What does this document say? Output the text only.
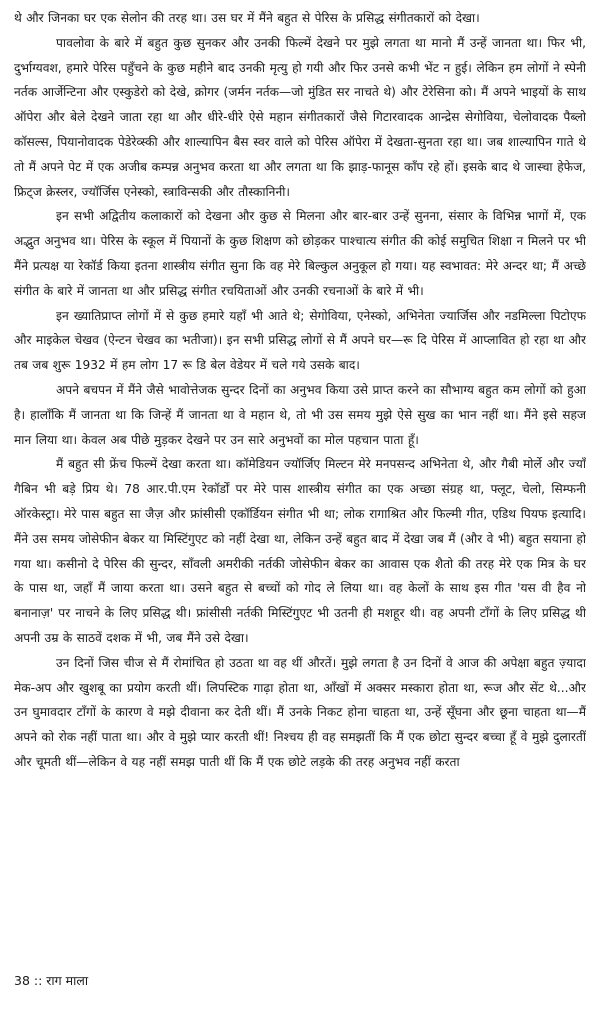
थे और जिनका घर एक सेलोन की तरह था। उस घर में मैंने बहुत से पेरिस के प्रसिद्ध संगीतकारों को देखा।

पावलोवा के बारे में बहुत कुछ सुनकर और उनकी फिल्में देखने पर मुझे लगता था मानो मैं उन्हें जानता था। फिर भी, दुर्भाग्यवश, हमारे पेरिस पहुँचने के कुछ महीने बाद उनकी मृत्यु हो गयी और फिर उनसे कभी भेंट न हुई। लेकिन हम लोगों ने स्पेनी नर्तक आर्जेन्टिना और एस्कुडेरो को देखे, क्रोगर (जर्मन नर्तक—जो मुंडित सर नाचते थे) और टेरेसिना को। मैं अपने भाइयों के साथ ऑपेरा और बेले देखने जाता रहा था और धीरे-धीरे ऐसे महान संगीतकारों जैसे गिटारवादक आन्द्रेस सेगोविया, चेलोवादक पैब्लो कॉसल्स, पियानोवादक पेडेरेव्स्की और शाल्यापिन बैस स्वर वाले को पेरिस ऑपेरा में देखता-सुनता रहा था। जब शाल्यापिन गाते थे तो मैं अपने पेट में एक अजीब कम्पन्न अनुभव करता था और लगता था कि झाड़-फानूस काँप रहे हों। इसके बाद थे जास्चा हेफेज, फ्रिट्ज क्रेस्लर, ज्यॉर्जिस एनेस्को, स्त्राविन्सकी और तौस्कानिनी।

इन सभी अद्वितीय कलाकारों को देखना और कुछ से मिलना और बार-बार उन्हें सुनना, संसार के विभिन्न भागों में, एक अद्भुत अनुभव था। पेरिस के स्कूल में पियानों के कुछ शिक्षण को छोड़कर पाश्चात्य संगीत की कोई समुचित शिक्षा न मिलने पर भी मैंने प्रत्यक्ष या रेकॉर्ड किया इतना शास्त्रीय संगीत सुना कि वह मेरे बिल्कुल अनुकूल हो गया। यह स्वभावत: मेरे अन्दर था; मैं अच्छे संगीत के बारे में जानता था और प्रसिद्ध संगीत रचयिताओं और उनकी रचनाओं के बारे में भी।

इन ख्यातिप्राप्त लोगों में से कुछ हमारे यहाँ भी आते थे; सेगोविया, एनेस्को, अभिनेता ज्यार्जिस और नडमिल्ला पिटोएफ और माइकेल चेखव (ऐन्टन चेखव का भतीजा)। इन सभी प्रसिद्ध लोगों से मैं अपने घर—रू दि पेरिस में आप्लावित हो रहा था और तब जब शुरू 1932 में हम लोग 17 रू डि बेल वेडेयर में चले गये उसके बाद।

अपने बचपन में मैंने जैसे भावोत्तेजक सुन्दर दिनों का अनुभव किया उसे प्राप्त करने का सौभाग्य बहुत कम लोगों को हुआ है। हालाँकि मैं जानता था कि जिन्हें मैं जानता था वे महान थे, तो भी उस समय मुझे ऐसे सुख का भान नहीं था। मैंने इसे सहज मान लिया था। केवल अब पीछे मुड़कर देखने पर उन सारे अनुभवों का मोल पहचान पाता हूँ।

मैं बहुत सी फ्रेंच फिल्में देखा करता था। कॉमेडियन ज्यॉर्जिए मिल्टन मेरे मनपसन्द अभिनेता थे, और गैबी मोर्ले और ज्यॉं गैबिन भी बड़े प्रिय थे। 78 आर.पी.एम रेकॉर्डों पर मेरे पास शास्त्रीय संगीत का एक अच्छा संग्रह था, फ्लूट, चेलो, सिम्फनी ऑरकेस्ट्रा। मेरे पास बहुत सा जैज़ और फ्रांसीसी एकॉर्डियन संगीत भी था; लोक रागाश्रित और फिल्मी गीत, एडिथ पियफ इत्यादि। मैंने उस समय जोसेफीन बेकर या मिस्टिंगुएट को नहीं देखा था, लेकिन उन्हें बहुत बाद में देखा जब मैं (और वे भी) बहुत सयाना हो गया था। कसीनो दे पेरिस की सुन्दर, साँवली अमरीकी नर्तकी जोसेफीन बेकर का आवास एक शैतो की तरह मेरे एक मित्र के घर के पास था, जहाँ मैं जाया करता था। उसने बहुत से बच्चों को गोद ले लिया था। वह केलों के साथ इस गीत 'यस वी हैव नो बनानाज़' पर नाचने के लिए प्रसिद्ध थी। फ्रांसीसी नर्तकी मिस्टिंगुएट भी उतनी ही मशहूर थी। वह अपनी टाँगों के लिए प्रसिद्ध थी अपनी उम्र के साठवें दशक में भी, जब मैंने उसे देखा।

उन दिनों जिस चीज से मैं रोमांचित हो उठता था वह थीं औरतें। मुझे लगता है उन दिनों वे आज की अपेक्षा बहुत ज़्यादा मेक-अप और खुशबू का प्रयोग करती थीं। लिपस्टिक गाढ़ा होता था, आँखों में अक्सर मस्कारा होता था, रूज और सेंट थे...और उन घुमावदार टाँगों के कारण वे मझे दीवाना कर देती थीं। मैं उनके निकट होना चाहता था, उन्हें सूँघना और छूना चाहता था—मैं अपने को रोक नहीं पाता था। और वे मुझे प्यार करती थीं! निश्चय ही वह समझतीं कि मैं एक छोटा सुन्दर बच्चा हूँ वे मुझे दुलारतीं और चूमती थीं—लेकिन वे यह नहीं समझ पाती थीं कि मैं एक छोटे लड़के की तरह अनुभव नहीं करता

38 :: राग माला
